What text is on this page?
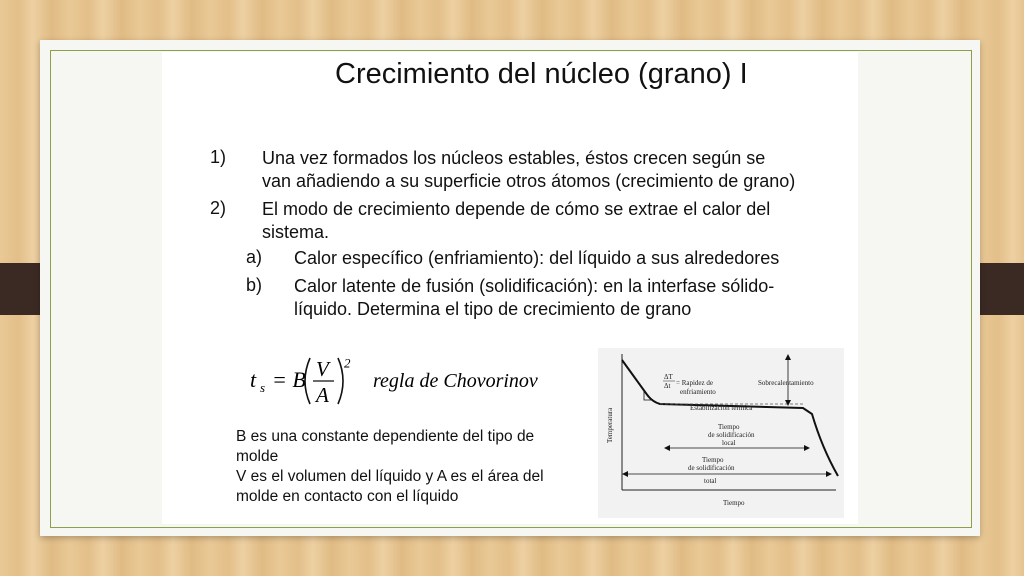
Crecimiento del núcleo (grano) I
1) Una vez formados los núcleos estables, éstos crecen según se
van añadiendo a su superficie otros átomos (crecimiento de grano)
2) El modo de crecimiento depende de cómo se extrae el calor del
sistema.
a) Calor específico (enfriamiento): del líquido a sus alrededores
b) Calor latente de fusión (solidificación): en la interfase sólido-
líquido. Determina el tipo de crecimiento de grano
t s = B V
A
2
regla de Chovorinov
B es una constante dependiente del tipo de
molde
V es el volumen del líquido y A es el área del
molde en contacto con el líquido
Temperatura
Tiempo
ΔT
Δt = Rapidez de
enfriamiento
Sobrecalentamiento
Estabilización térmica
Tiempo
de solidificación
local
Tiempo
de solidificación
total
